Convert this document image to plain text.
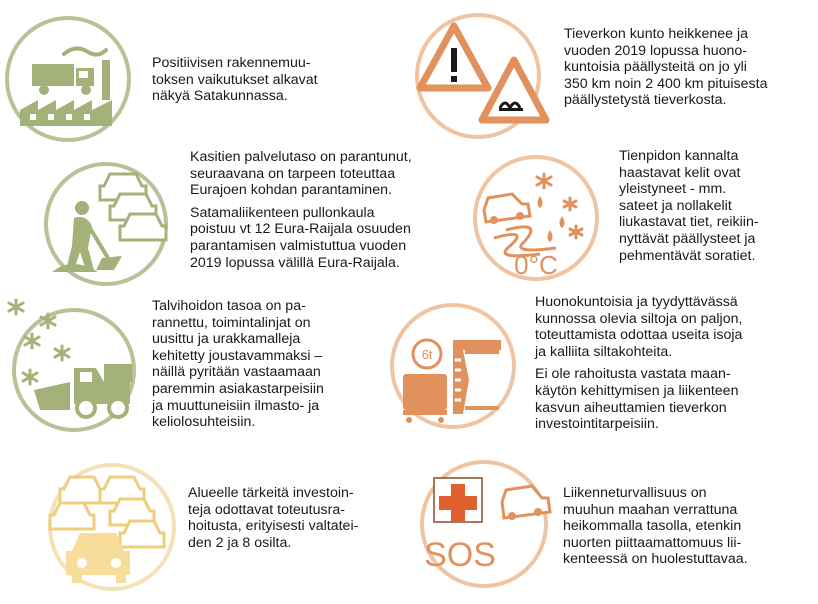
Positiivisen rakennemuu-
toksen vaikutukset alkavat
näkyä Satakunnassa.

Tieverkon kunto heikkenee ja
vuoden 2019 lopussa huono-
kuntoisia päällysteitä on jo yli
350 km noin 2 400 km pituisesta
päällystetystä tieverkosta.

Kasitien palvelutaso on parantunut,
seuraavana on tarpeen toteuttaa
Eurajoen kohdan parantaminen.

Satamaliikenteen pullonkaula
poistuu vt 12 Eura-Raijala osuuden
parantamisen valmistuttua vuoden
2019 lopussa välillä Eura-Raijala.	0°C

Tienpidon kannalta
haastavat kelit ovat
yleistyneet - mm.
sateet ja nollakelit
liukastavat tiet, reikiin-
nyttävät päällysteet ja
pehmentävät soratiet.

Talvihoidon tasoa on pa-
rannettu, toimintalinjat on
uusittu ja urakkamalleja
kehitetty joustavammaksi –
näillä pyritään vastaamaan
paremmin asiakastarpeisiin
ja muuttuneisiin ilmasto- ja
keliolosuhteisiin.

6t

Huonokuntoisia ja tyydyttävässä
kunnossa olevia siltoja on paljon,
toteuttamista odottaa useita isoja
ja kalliita siltakohteita.

Ei ole rahoitusta vastata maan-
käytön kehittymisen ja liikenteen
kasvun aiheuttamien tieverkon
investointitarpeisiin.

Alueelle tärkeitä investoin-
teja odottavat toteutusra-
hoitusta, erityisesti valtatei-
den 2 ja 8 osilta.	SOS

Liikenneturvallisuus on
muuhun maahan verrattuna
heikommalla tasolla, etenkin
nuorten piittaamattomuus lii-
kenteessä on huolestuttavaa.
